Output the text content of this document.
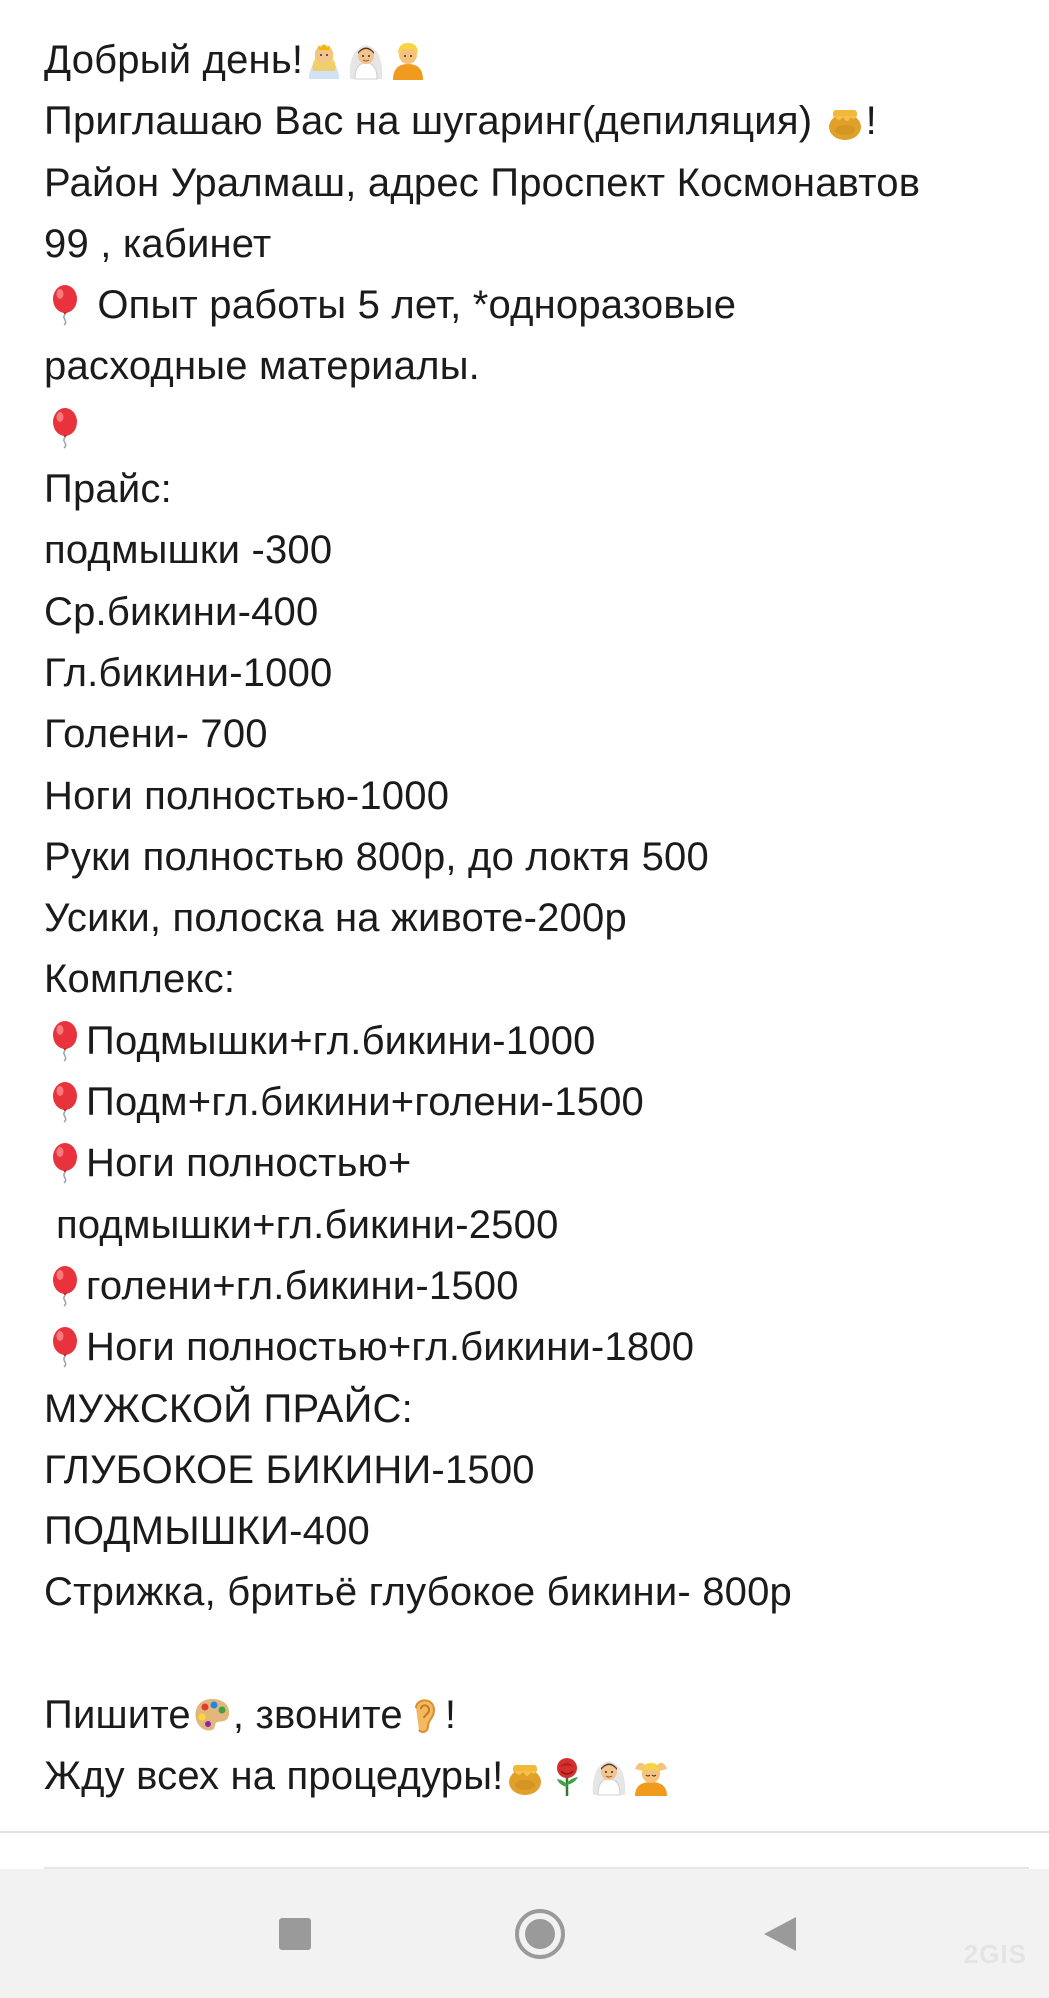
Добрый день!
Приглашаю Вас на шугаринг(депиляция)
!
Район Уралмаш, адрес Проспект Космонавтов
99 , кабинет
Опыт работы 5 лет, *одноразовые
расходные материалы.
Прайс:
подмышки -300
Ср.бикини-400
Гл.бикини-1000
Голени- 700
Ноги полностью-1000
Руки полностью 800р, до локтя 500
Усики, полоска на животе-200р
Комплекс:
Подмышки+гл.бикини-1000
Подм+гл.бикини+голени-1500
Ноги полностью+
подмышки+гл.бикини-2500
голени+гл.бикини-1500
Ноги полностью+гл.бикини-1800
МУЖСКОЙ ПРАЙС:
ГЛУБОКОЕ БИКИНИ-1500
ПОДМЫШКИ-400
Стрижка, бритьё глубокое бикини- 800р
Пишите , звоните !
Жду всех на процедуры!
2GIS
